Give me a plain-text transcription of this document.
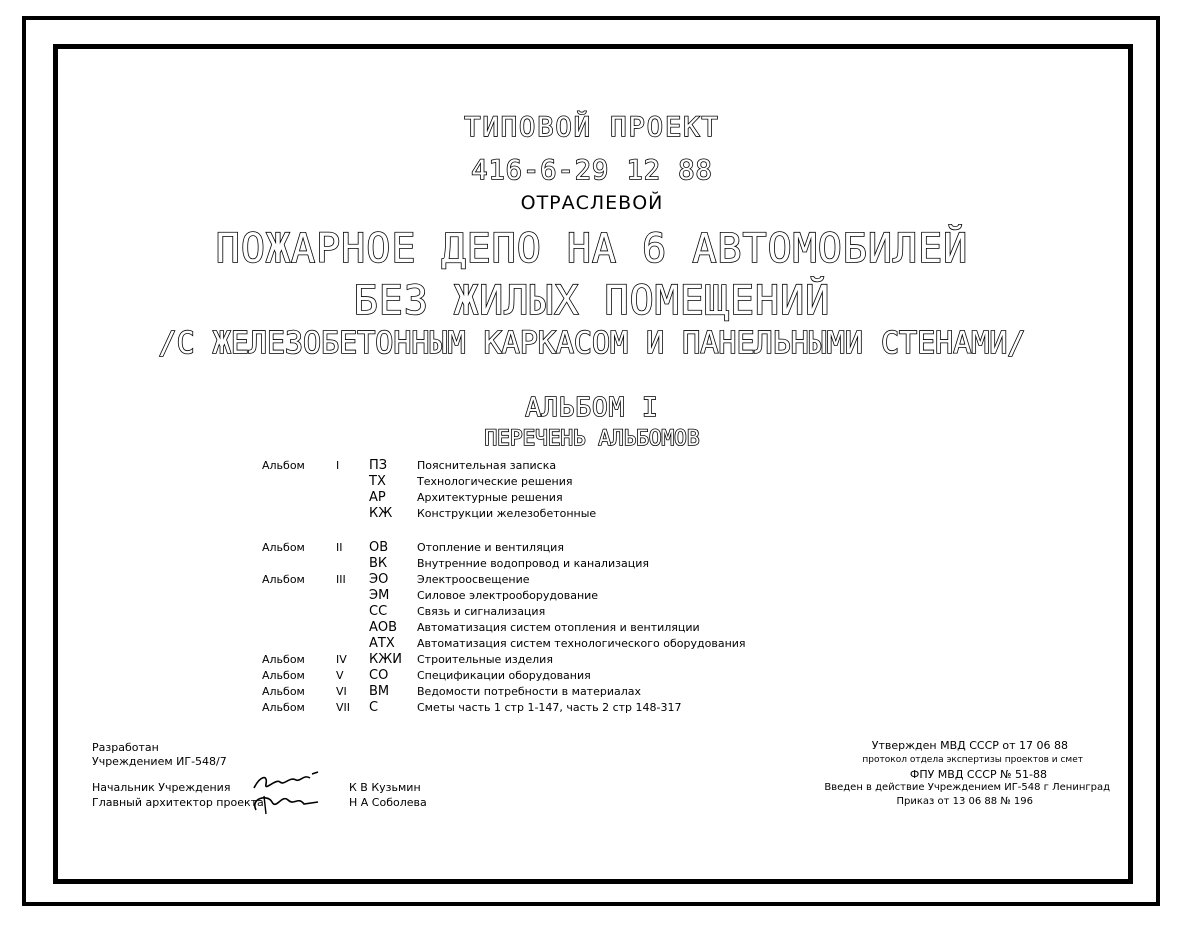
ТИПОВОЙ ПРОЕКТ
416-6-29 12 88
ОТРАСЛЕВОЙ
ПОЖАРНОЕ ДЕПО НА 6 АВТОМОБИЛЕЙ
БЕЗ ЖИЛЫХ ПОМЕЩЕНИЙ
/С ЖЕЛЕЗОБЕТОННЫМ КАРКАСОМ И ПАНЕЛЬНЫМИ СТЕНАМИ/
АЛЬБОМ I
ПЕРЕЧЕНЬ АЛЬБОМОВ
Альбом	I ПЗ	Пояснительная записка
ТХ	Технологические решения
АР	Архитектурные решения
КЖ Конструкции железобетонные
Альбом	II ОВ	Отопление и вентиляция
ВК	Внутренние водопровод и канализация
Альбом	III ЭО	Электроосвещение
ЭМ	Силовое электрооборудование
СС	Связь и сигнализация
АОВ Автоматизация систем отопления и вентиляции
АТХ Автоматизация систем технологического оборудования
Альбом	IV КЖИ Строительные изделия
Альбом	V СО	Спецификации оборудования
Альбом	VI ВМ	Ведомости потребности в материалах
Альбом	VII С	Сметы часть 1 стр 1-147, часть 2 стр 148-317
Разработан
Учреждением ИГ-548/7
Начальник Учреждения
Главный архитектор проекта
К В Кузьмин
Н А Соболева
Утвержден МВД СССР от 17 06 88
протокол отдела экспертизы проектов и смет
ФПУ МВД СССР № 51-88
Введен в действие Учреждением ИГ-548 г Ленинград
Приказ от 13 06 88 № 196
